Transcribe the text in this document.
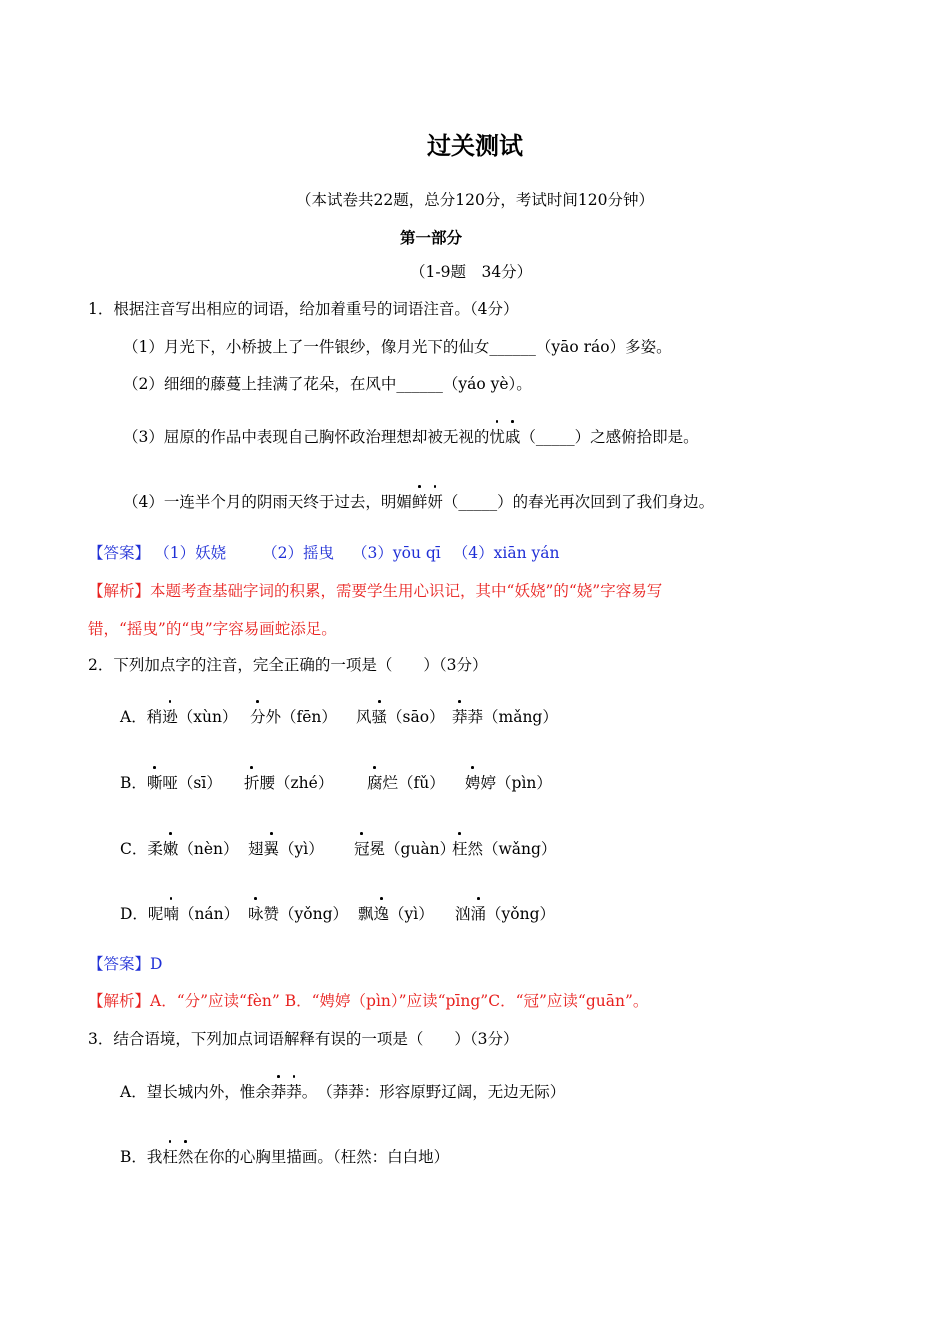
过关测试
（本试卷共22题，总分120分，考试时间120分钟）
第一部分
（1-9题　34分）
1．根据注音写出相应的词语，给加着重号的词语注音。（4分）
（1）月光下，小桥披上了一件银纱，像月光下的仙女______（yāo ráo）多姿。
（2）细细的藤蔓上挂满了花朵，在风中______（yáo yè）。
（3）屈原的作品中表现自己胸怀政治理想却被无视的忧戚（_____）之感俯拾即是。
（4）一连半个月的阴雨天终于过去，明媚鲜妍（_____）的春光再次回到了我们身边。
【答案】 （1）妖娆 （2）摇曳 （3）yōu qī （4）xiān yán
【解析】本题考查基础字词的积累，需要学生用心识记，其中“妖娆”的“娆”字容易写
错，“摇曳”的“曳”字容易画蛇添足。
2．下列加点字的注音，完全正确的一项是（　　）（3分）
A．稍逊（xùn） 分外（fēn） 风骚（sāo） 莽莽（mǎng）
B．嘶哑（sī） 折腰（zhé） 腐烂（fǔ） 娉婷（pìn）
C．柔嫩（nèn） 翅翼（yì） 冠冕（guàn）
枉然（wǎng）
D．呢喃（nán） 咏赞（yǒng） 飘逸（yì） 汹涌（yǒng）
【答案】D
【解析】A．“分”应读“fèn” B．“娉婷（pìn）”应读“pīng”C．“冠”应读“guān”。
3．结合语境，下列加点词语解释有误的一项是（　　）（3分）
A．望长城内外，惟余莽莽。　（莽莽：形容原野辽阔，无边无际）
B．我枉然在你的心胸里描画。（枉然：白白地）
